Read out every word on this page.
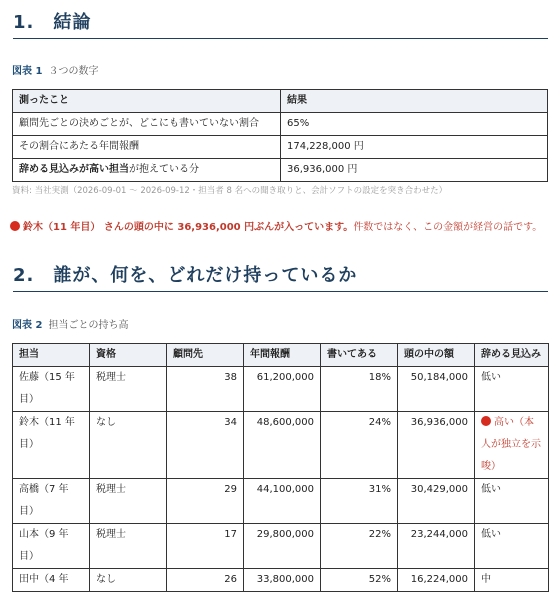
1.　結論
図表 1 ３つの数字
測ったこと	結果
顧問先ごとの決めごとが、どこにも書いていない割合	65%
その割合にあたる年間報酬	174,228,000 円
辞める見込みが高い担当が抱えている分	36,936,000 円
資料: 当社実測（2026-09-01 ～ 2026-09-12・担当者 8 名への聞き取りと、会計ソフトの設定を突き合わせた）
鈴木（11 年目） さんの頭の中に 36,936,000 円ぶんが入っています。件数ではなく、この金額が経営の話です。
2.　誰が、何を、どれだけ持っているか
図表 2 担当ごとの持ち高
担当	資格	顧問先	年間報酬	書いてある	頭の中の額	辞める見込み
佐藤（15 年目）	税理士	38	61,200,000	18%	50,184,000	低い
鈴木（11 年目）	なし	34	48,600,000	24%	36,936,000	高い（本人が独立を示唆）
高橋（7 年目）	税理士	29	44,100,000	31%	30,429,000	低い
山本（9 年目）	税理士	17	29,800,000	22%	23,244,000	低い
田中（4 年	なし	26	33,800,000	52%	16,224,000	中
